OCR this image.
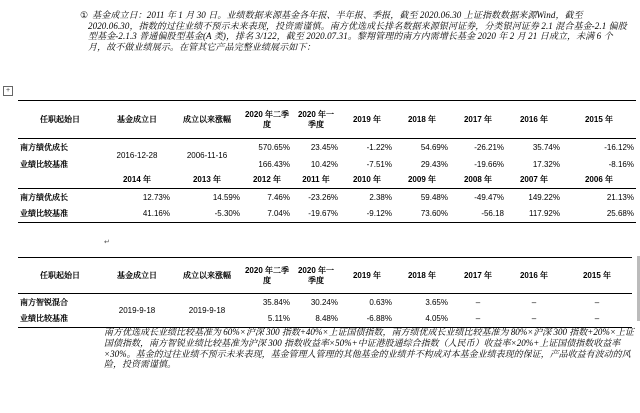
① 基金成立日：2011 年 1 月 30 日。业绩数据来源基金各年报、半年报、季报，截至 2020.06.30 上证指数数据来源Wind，截至 2020.06.30，指数的过往业绩不预示未来表现，投资需谨慎。南方优选成长排名数据来源银河证券，分类银河证券 2.1 混合基金-2.1 偏股型基金-2.1.3 普通偏股型基金(A 类)，排名 3/122，截至 2020.07.31。黎翔管理的南方内需增长基金 2020 年 2 月 21 日成立，未满 6 个月，故不做业绩展示。在管其它产品完整业绩展示如下：
+
任职起始日	基金成立日	成立以来涨幅	2020 年二季度	2020 年一季度	2019 年	2018 年	2017 年	2016 年	2015 年
南方绩优成长	2016-12-28	2006-11-16	570.65%	23.45%	-1.22%	54.69%	-26.21%	35.74%	-16.12%
业绩比较基准			166.43%	10.42%	-7.51%	29.43%	-19.66%	17.32%	-8.16%
	2014 年	2013 年	2012 年	2011 年	2010 年	2009 年	2008 年	2007 年	2006 年
南方绩优成长	12.73%	14.59%	7.46%	-23.26%	2.38%	59.48%	-49.47%	149.22%	21.13%
业绩比较基准	41.16%	-5.30%	7.04%	-19.67%	-9.12%	73.60%	-56.18	117.92%	25.68%
↵
任职起始日	基金成立日	成立以来涨幅	2020 年二季度	2020 年一季度	2019 年	2018 年	2017 年	2016 年	2015 年	
南方智锐混合	2019-9-18	2019-9-18	35.84%	30.24%	0.63%	3.65%	–	–	–	
业绩比较基准			5.11%	8.48%	-6.88%	4.05%	–	–	–	
南方优选成长业绩比较基准为 60%×沪深 300 指数+40%×上证国债指数，南方绩优成长业绩比较基准为 80%×沪深 300 指数+20%×上证国债指数，南方智锐业绩比较基准为沪深 300 指数收益率×50%+中证港股通综合指数（人民币）收益率×20%+上证国债指数收益率×30%。基金的过往业绩不预示未来表现，基金管理人管理的其他基金的业绩并不构成对本基金业绩表现的保证，产品收益有波动的风险，投资需谨慎。
